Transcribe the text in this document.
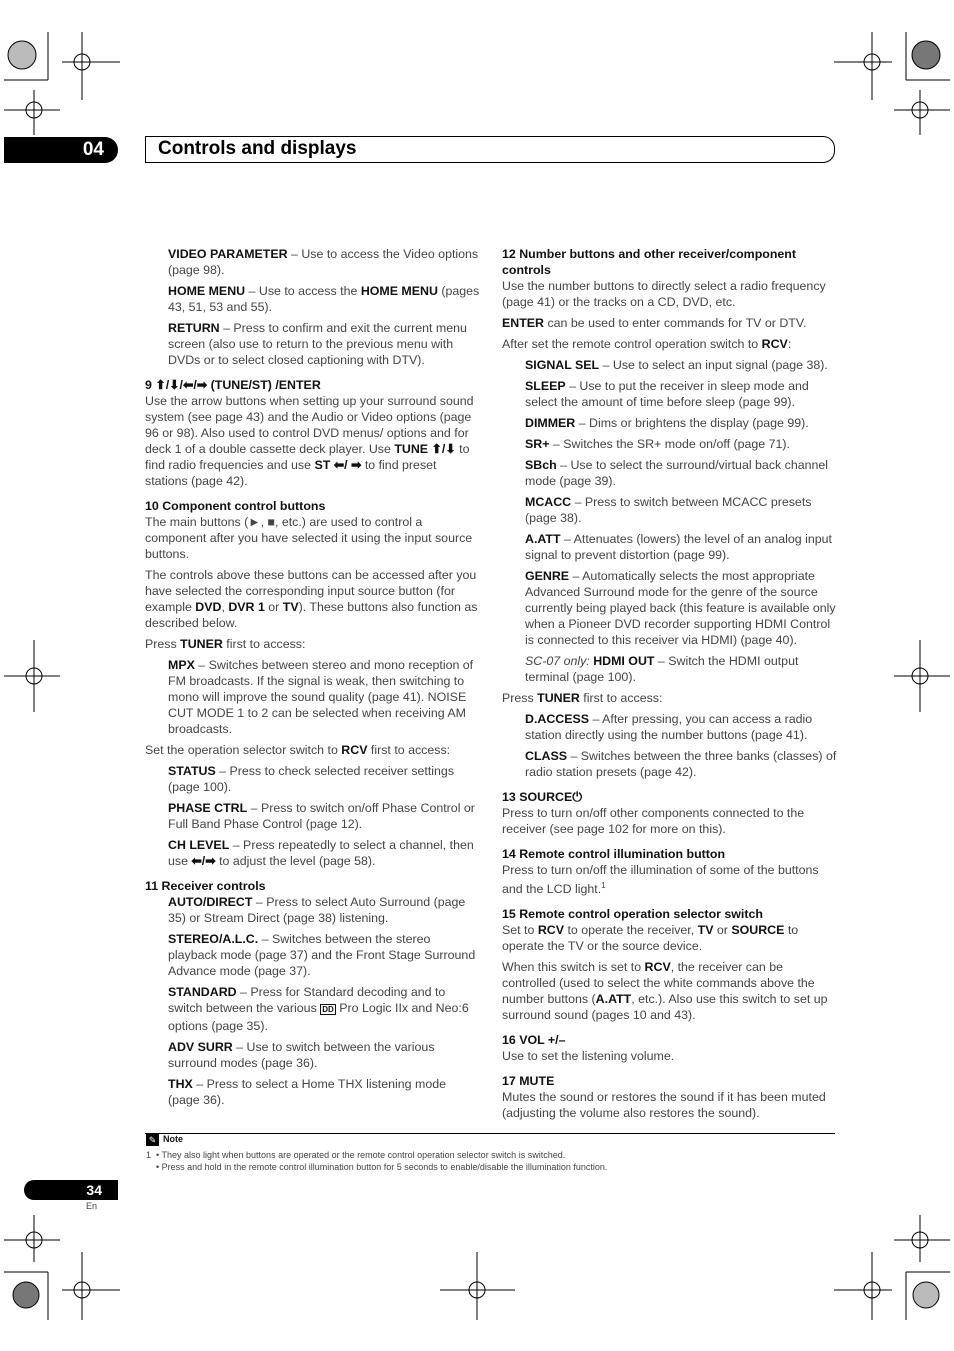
04	Controls and displays

VIDEO PARAMETER – Use to access the Video options (page 98).

HOME MENU – Use to access the HOME MENU (pages 43, 51, 53 and 55).

RETURN – Press to confirm and exit the current menu screen (also use to return to the previous menu with DVDs or to select closed captioning with DTV).

9 ⬆/⬇/⬅/➡ (TUNE/ST) /ENTER

Use the arrow buttons when setting up your surround sound system (see page 43) and the Audio or Video options (page 96 or 98). Also used to control DVD menus/ options and for deck 1 of a double cassette deck player. Use TUNE ⬆/⬇ to find radio frequencies and use ST ⬅/ ➡ to find preset stations (page 42).

10 Component control buttons

The main buttons (►, ■, etc.) are used to control a component after you have selected it using the input source buttons.

The controls above these buttons can be accessed after you have selected the corresponding input source button (for example DVD, DVR 1 or TV). These buttons also function as described below.

Press TUNER first to access:

MPX – Switches between stereo and mono reception of FM broadcasts. If the signal is weak, then switching to mono will improve the sound quality (page 41). NOISE CUT MODE 1 to 2 can be selected when receiving AM broadcasts.

Set the operation selector switch to RCV first to access:

STATUS – Press to check selected receiver settings (page 100).

PHASE CTRL – Press to switch on/off Phase Control or Full Band Phase Control (page 12).

CH LEVEL – Press repeatedly to select a channel, then use ⬅/➡ to adjust the level (page 58).

11 Receiver controls

AUTO/DIRECT – Press to select Auto Surround (page 35) or Stream Direct (page 38) listening.

STEREO/A.L.C. – Switches between the stereo playback mode (page 37) and the Front Stage Surround Advance mode (page 37).

STANDARD – Press for Standard decoding and to switch between the various DD Pro Logic IIx and Neo:6 options (page 35).

ADV SURR – Use to switch between the various surround modes (page 36).

THX – Press to select a Home THX listening mode (page 36).

12 Number buttons and other receiver/component controls

Use the number buttons to directly select a radio frequency (page 41) or the tracks on a CD, DVD, etc.

ENTER can be used to enter commands for TV or DTV.

After set the remote control operation switch to RCV:

SIGNAL SEL – Use to select an input signal (page 38).

SLEEP – Use to put the receiver in sleep mode and select the amount of time before sleep (page 99).

DIMMER – Dims or brightens the display (page 99).

SR+ – Switches the SR+ mode on/off (page 71).

SBch – Use to select the surround/virtual back channel mode (page 39).

MCACC – Press to switch between MCACC presets (page 38).

A.ATT – Attenuates (lowers) the level of an analog input signal to prevent distortion (page 99).

GENRE – Automatically selects the most appropriate Advanced Surround mode for the genre of the source currently being played back (this feature is available only when a Pioneer DVD recorder supporting HDMI Control is connected to this receiver via HDMI) (page 40).

SC-07 only: HDMI OUT – Switch the HDMI output terminal (page 100).

Press TUNER first to access:

D.ACCESS – After pressing, you can access a radio station directly using the number buttons (page 41).

CLASS – Switches between the three banks (classes) of radio station presets (page 42).

13 SOURCE⏻

Press to turn on/off other components connected to the receiver (see page 102 for more on this).

14 Remote control illumination button

Press to turn on/off the illumination of some of the buttons and the LCD light.$^1$

15 Remote control operation selector switch

Set to RCV to operate the receiver, TV or SOURCE to operate the TV or the source device.

When this switch is set to RCV, the receiver can be controlled (used to select the white commands above the number buttons (A.ATT, etc.). Also use this switch to set up surround sound (pages 10 and 43).

16 VOL +/–

Use to set the listening volume.

17 MUTE

Mutes the sound or restores the sound if it has been muted (adjusting the volume also restores the sound).

✎ Note
1  • They also light when buttons are operated or the remote control operation selector switch is switched.
• Press and hold in the remote control illumination button for 5 seconds to enable/disable the illumination function.
34
En
